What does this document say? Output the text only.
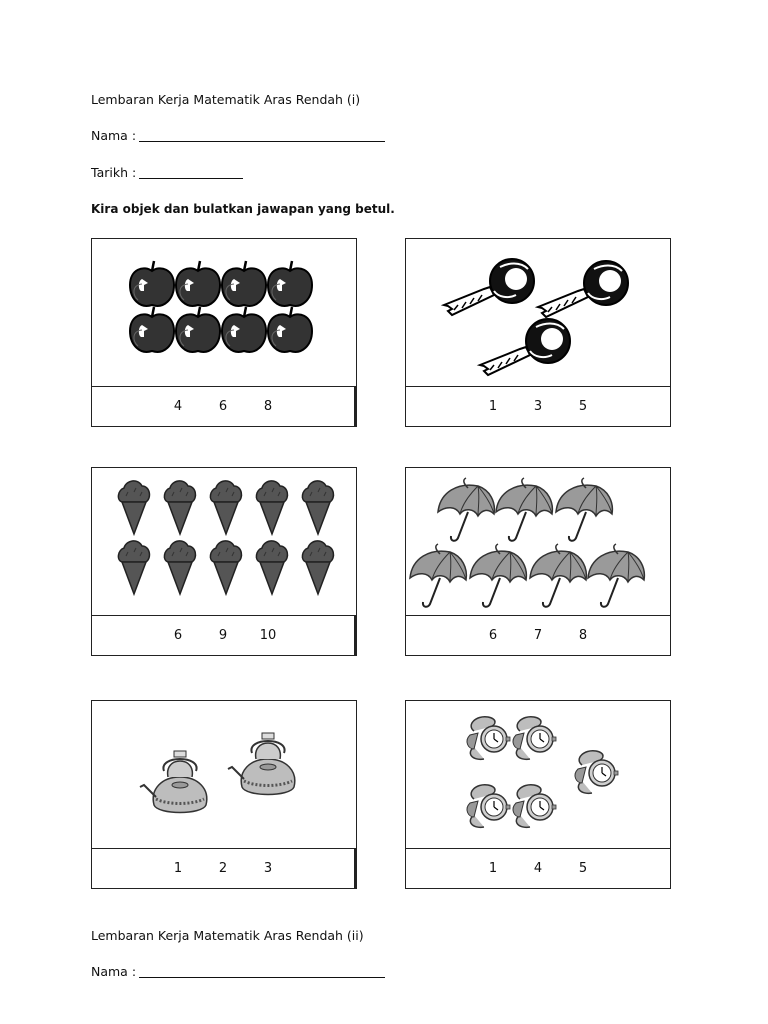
Lembaran Kerja Matematik Aras Rendah (i)
Nama :
Tarikh :
Kira objek dan bulatkan jawapan yang betul.
4	6	8	1	3	5
6	9	10	6	7	8
1	2	3	1	4	5
Lembaran Kerja Matematik Aras Rendah (ii)
Nama :
